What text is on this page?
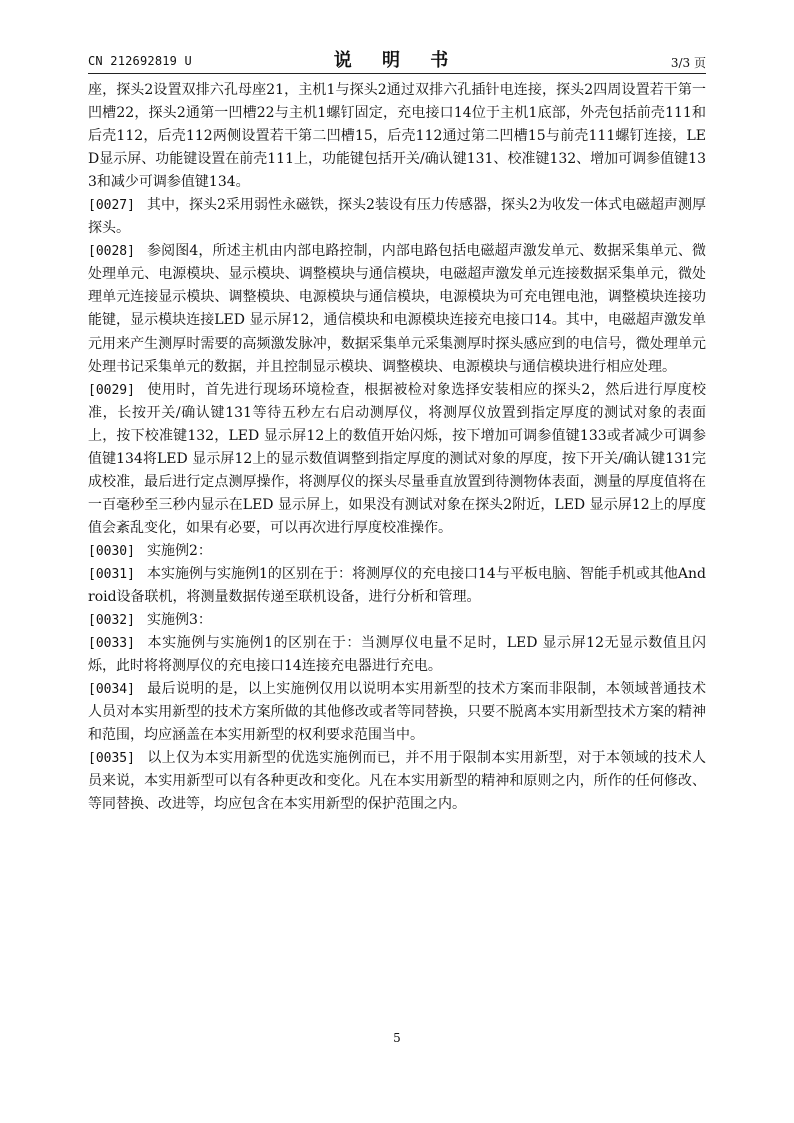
CN 212692819 U	说 明 书	3/3 页

座，探头2设置双排六孔母座21，主机1与探头2通过双排六孔插针电连接，探头2四周设置若干第一凹槽22，探头2通第一凹槽22与主机1螺钉固定，充电接口14位于主机1底部，外壳包括前壳111和后壳112，后壳112两侧设置若干第二凹槽15，后壳112通过第二凹槽15与前壳111螺钉连接，LED显示屏、功能键设置在前壳111上，功能键包括开关/确认键131、校准键132、增加可调参值键133和减少可调参值键134。

[0027] 其中，探头2采用弱性永磁铁，探头2装设有压力传感器，探头2为收发一体式电磁超声测厚探头。

[0028] 参阅图4，所述主机由内部电路控制，内部电路包括电磁超声激发单元、数据采集单元、微处理单元、电源模块、显示模块、调整模块与通信模块，电磁超声激发单元连接数据采集单元，微处理单元连接显示模块、调整模块、电源模块与通信模块，电源模块为可充电锂电池，调整模块连接功能键，显示模块连接LED 显示屏12，通信模块和电源模块连接充电接口14。其中，电磁超声激发单元用来产生测厚时需要的高频激发脉冲，数据采集单元采集测厚时探头感应到的电信号，微处理单元处理书记采集单元的数据，并且控制显示模块、调整模块、电源模块与通信模块进行相应处理。

[0029] 使用时，首先进行现场环境检查，根据被检对象选择安装相应的探头2，然后进行厚度校准，长按开关/确认键131等待五秒左右启动测厚仪，将测厚仪放置到指定厚度的测试对象的表面上，按下校准键132，LED 显示屏12上的数值开始闪烁，按下增加可调参值键133或者减少可调参值键134将LED 显示屏12上的显示数值调整到指定厚度的测试对象的厚度，按下开关/确认键131完成校准，最后进行定点测厚操作，将测厚仪的探头尽量垂直放置到待测物体表面，测量的厚度值将在一百毫秒至三秒内显示在LED 显示屏上，如果没有测试对象在探头2附近，LED 显示屏12上的厚度值会紊乱变化，如果有必要，可以再次进行厚度校准操作。

[0030] 实施例2：

[0031] 本实施例与实施例1的区别在于：将测厚仪的充电接口14与平板电脑、智能手机或其他Android设备联机，将测量数据传递至联机设备，进行分析和管理。

[0032] 实施例3：

[0033] 本实施例与实施例1的区别在于：当测厚仪电量不足时，LED 显示屏12无显示数值且闪烁，此时将将测厚仪的充电接口14连接充电器进行充电。

[0034] 最后说明的是，以上实施例仅用以说明本实用新型的技术方案而非限制，本领域普通技术人员对本实用新型的技术方案所做的其他修改或者等同替换，只要不脱离本实用新型技术方案的精神和范围，均应涵盖在本实用新型的权利要求范围当中。

[0035] 以上仅为本实用新型的优选实施例而已，并不用于限制本实用新型，对于本领域的技术人员来说，本实用新型可以有各种更改和变化。凡在本实用新型的精神和原则之内，所作的任何修改、等同替换、改进等，均应包含在本实用新型的保护范围之内。

5
